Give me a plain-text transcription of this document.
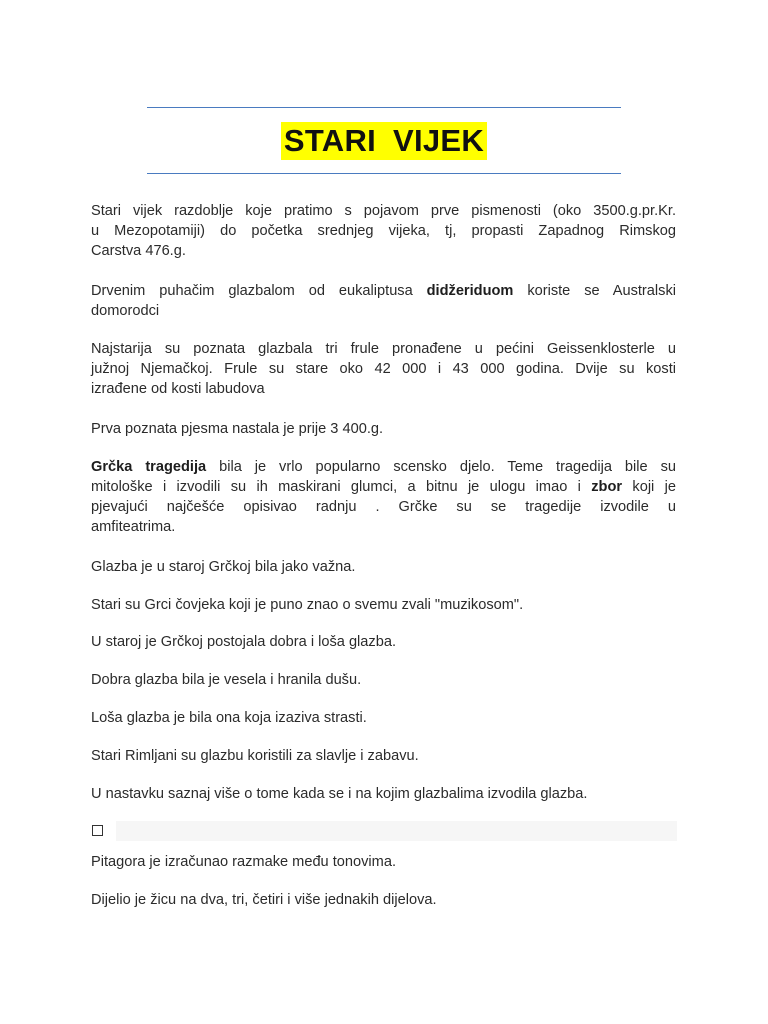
STARI VIJEK
Stari vijek razdoblje koje pratimo s pojavom prve pismenosti (oko 3500.g.pr.Kr.
u Mezopotamiji) do početka srednjeg vijeka, tj, propasti Zapadnog Rimskog
Carstva 476.g.
Drvenim puhačim glazbalom od eukaliptusa didžeriduom koriste se Australski
domorodci
Najstarija su poznata glazbala tri frule pronađene u pećini Geissenklosterle u
južnoj Njemačkoj. Frule su stare oko 42 000 i 43 000 godina. Dvije su kosti
izrađene od kosti labudova
Prva poznata pjesma nastala je prije 3 400.g.
Grčka tragedija bila je vrlo popularno scensko djelo. Teme tragedija bile su
mitološke i izvodili su ih maskirani glumci, a bitnu je ulogu imao i zbor koji je
pjevajući najčešće opisivao radnju . Grčke su se tragedije izvodile u
amfiteatrima.
Glazba je u staroj Grčkoj bila jako važna.
Stari su Grci čovjeka koji je puno znao o svemu zvali "muzikosom".
U staroj je Grčkoj postojala dobra i loša glazba.
Dobra glazba bila je vesela i hranila dušu.
Loša glazba je bila ona koja izaziva strasti.
Stari Rimljani su glazbu koristili za slavlje i zabavu.
U nastavku saznaj više o tome kada se i na kojim glazbalima izvodila glazba.
Pitagora je izračunao razmake među tonovima.
Dijelio je žicu na dva, tri, četiri i više jednakih dijelova.
